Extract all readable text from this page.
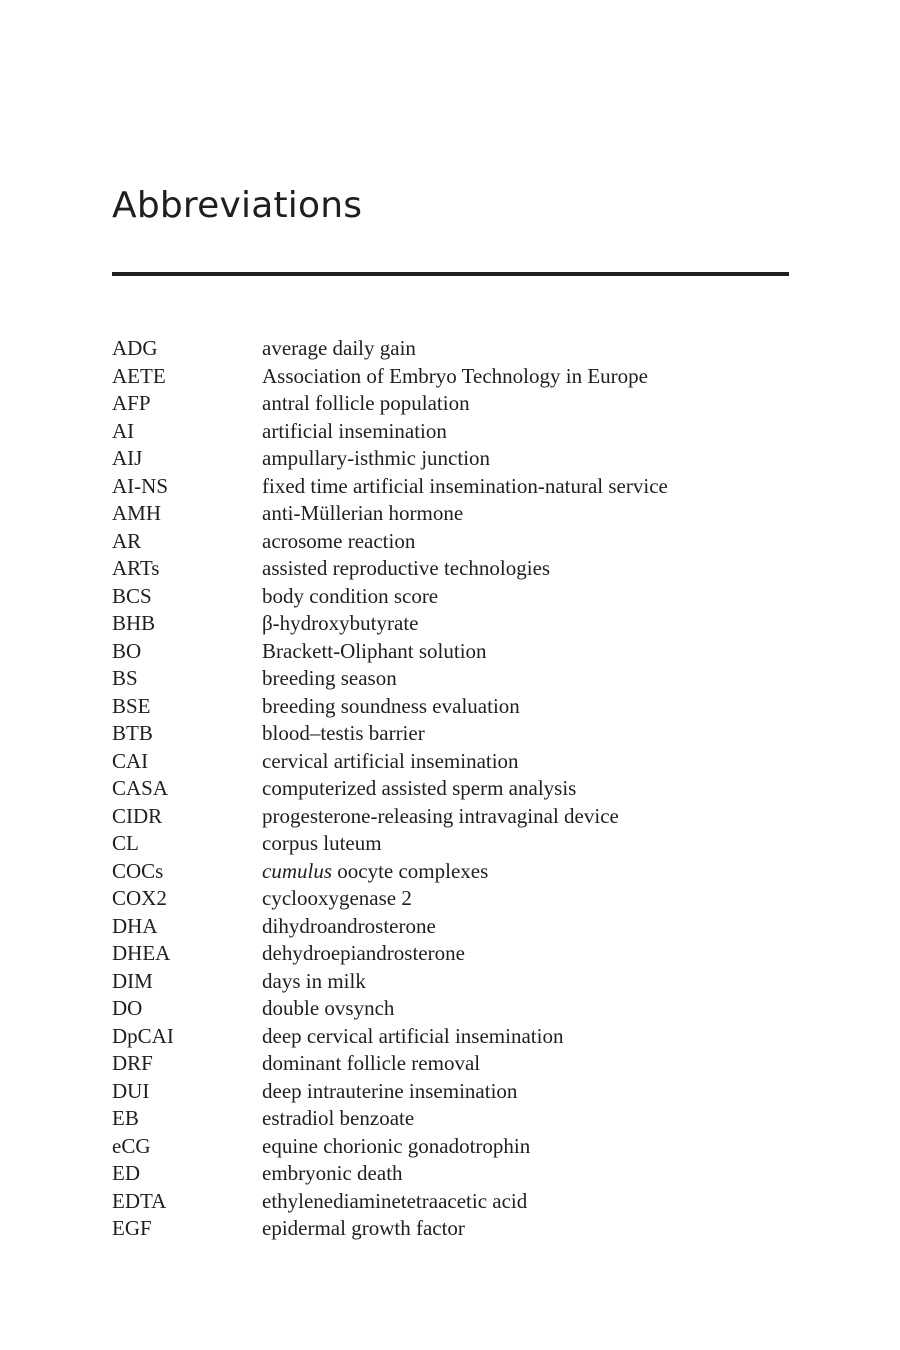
Abbreviations
ADG	average daily gain
AETE	Association of Embryo Technology in Europe
AFP	antral follicle population
AI	artificial insemination
AIJ	ampullary-isthmic junction
AI-NS	fixed time artificial insemination-natural service
AMH	anti-Müllerian hormone
AR	acrosome reaction
ARTs	assisted reproductive technologies
BCS	body condition score
BHB	β-hydroxybutyrate
BO	Brackett-Oliphant solution
BS	breeding season
BSE	breeding soundness evaluation
BTB	blood–testis barrier
CAI	cervical artificial insemination
CASA	computerized assisted sperm analysis
CIDR	progesterone-releasing intravaginal device
CL	corpus luteum
COCs	cumulus oocyte complexes
COX2	cyclooxygenase 2
DHA	dihydroandrosterone
DHEA	dehydroepiandrosterone
DIM	days in milk
DO	double ovsynch
DpCAI	deep cervical artificial insemination
DRF	dominant follicle removal
DUI	deep intrauterine insemination
EB	estradiol benzoate
eCG	equine chorionic gonadotrophin
ED	embryonic death
EDTA	ethylenediaminetetraacetic acid
EGF	epidermal growth factor
